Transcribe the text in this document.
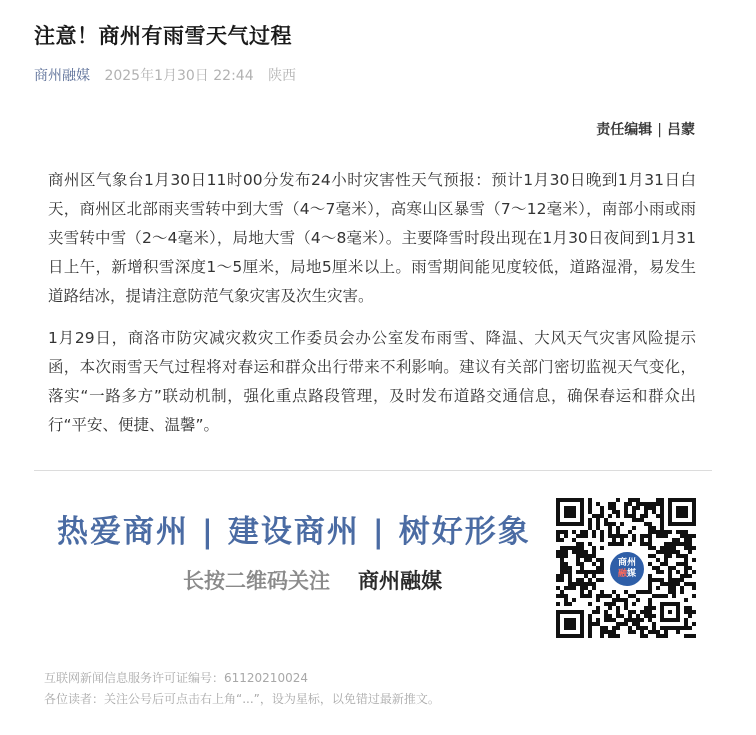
注意！商州有雨雪天气过程
商州融媒 2025年1月30日 22:44 陕西
责任编辑 | 吕蒙

商州区气象台1月30日11时00分发布24小时灾害性天气预报：预计1月30日晚到1月31日白天，商州区北部雨夹雪转中到大雪（4～7毫米），高寒山区暴雪（7～12毫米），南部小雨或雨夹雪转中雪（2～4毫米），局地大雪（4～8毫米）。主要降雪时段出现在1月30日夜间到1月31日上午，新增积雪深度1～5厘米，局地5厘米以上。雨雪期间能见度较低，道路湿滑，易发生道路结冰，提请注意防范气象灾害及次生灾害。

1月29日，商洛市防灾减灾救灾工作委员会办公室发布雨雪、降温、大风天气灾害风险提示函，本次雨雪天气过程将对春运和群众出行带来不利影响。建议有关部门密切监视天气变化，落实“一路多方”联动机制，强化重点路段管理，及时发布道路交通信息，确保春运和群众出行“平安、便捷、温馨”。

热爱商州 | 建设商州 | 树好形象
长按二维码关注 商州融媒
商州
融媒
互联网新闻信息服务许可证编号：61120210024
各位读者：关注公号后可点击右上角“...”，设为星标，以免错过最新推文。
